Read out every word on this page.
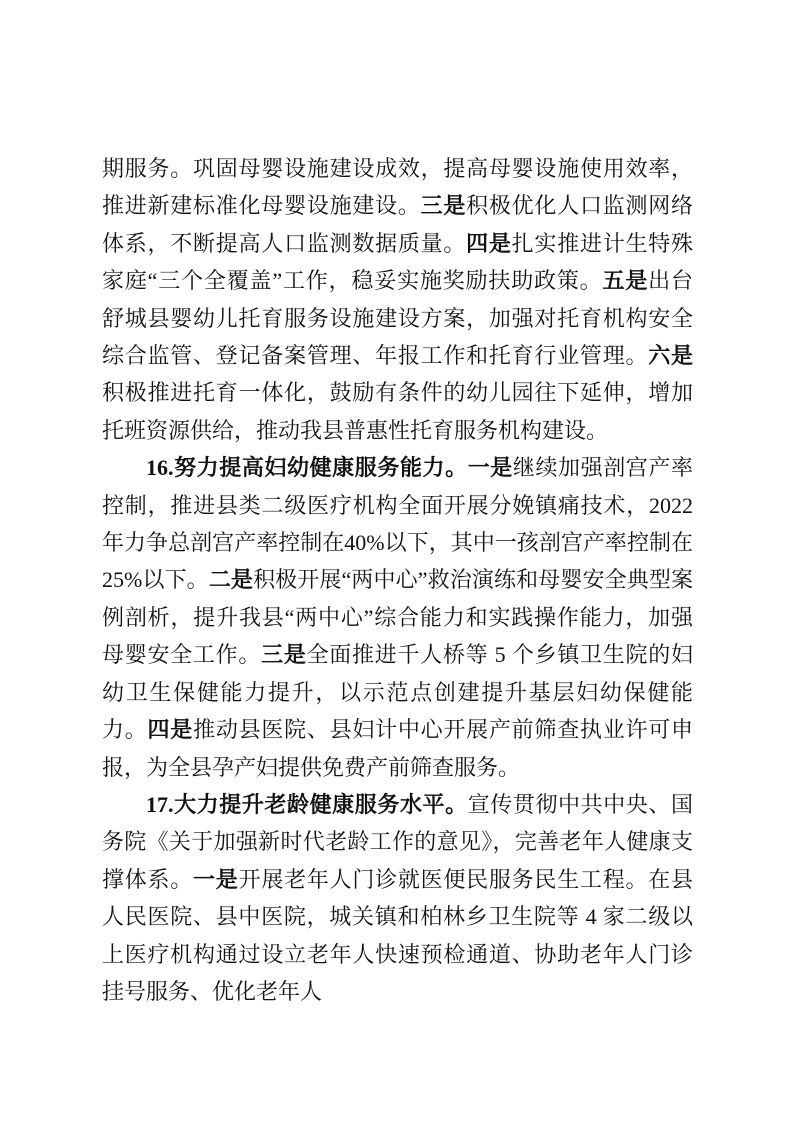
期服务。巩固母婴设施建设成效，提高母婴设施使用效率，推进新建标准化母婴设施建设。三是积极优化人口监测网络体系，不断提高人口监测数据质量。四是扎实推进计生特殊家庭“三个全覆盖”工作，稳妥实施奖励扶助政策。五是出台舒城县婴幼儿托育服务设施建设方案，加强对托育机构安全综合监管、登记备案管理、年报工作和托育行业管理。六是积极推进托育一体化，鼓励有条件的幼儿园往下延伸，增加托班资源供给，推动我县普惠性托育服务机构建设。

16.努力提高妇幼健康服务能力。一是继续加强剖宫产率控制，推进县类二级医疗机构全面开展分娩镇痛技术，2022 年力争总剖宫产率控制在40%以下，其中一孩剖宫产率控制在25%以下。二是积极开展“两中心”救治演练和母婴安全典型案例剖析，提升我县“两中心”综合能力和实践操作能力，加强母婴安全工作。三是全面推进千人桥等 5 个乡镇卫生院的妇幼卫生保健能力提升，以示范点创建提升基层妇幼保健能力。四是推动县医院、县妇计中心开展产前筛查执业许可申报，为全县孕产妇提供免费产前筛查服务。

17.大力提升老龄健康服务水平。宣传贯彻中共中央、国务院《关于加强新时代老龄工作的意见》，完善老年人健康支撑体系。一是开展老年人门诊就医便民服务民生工程。在县人民医院、县中医院，城关镇和柏林乡卫生院等 4 家二级以上医疗机构通过设立老年人快速预检通道、协助老年人门诊挂号服务、优化老年人
